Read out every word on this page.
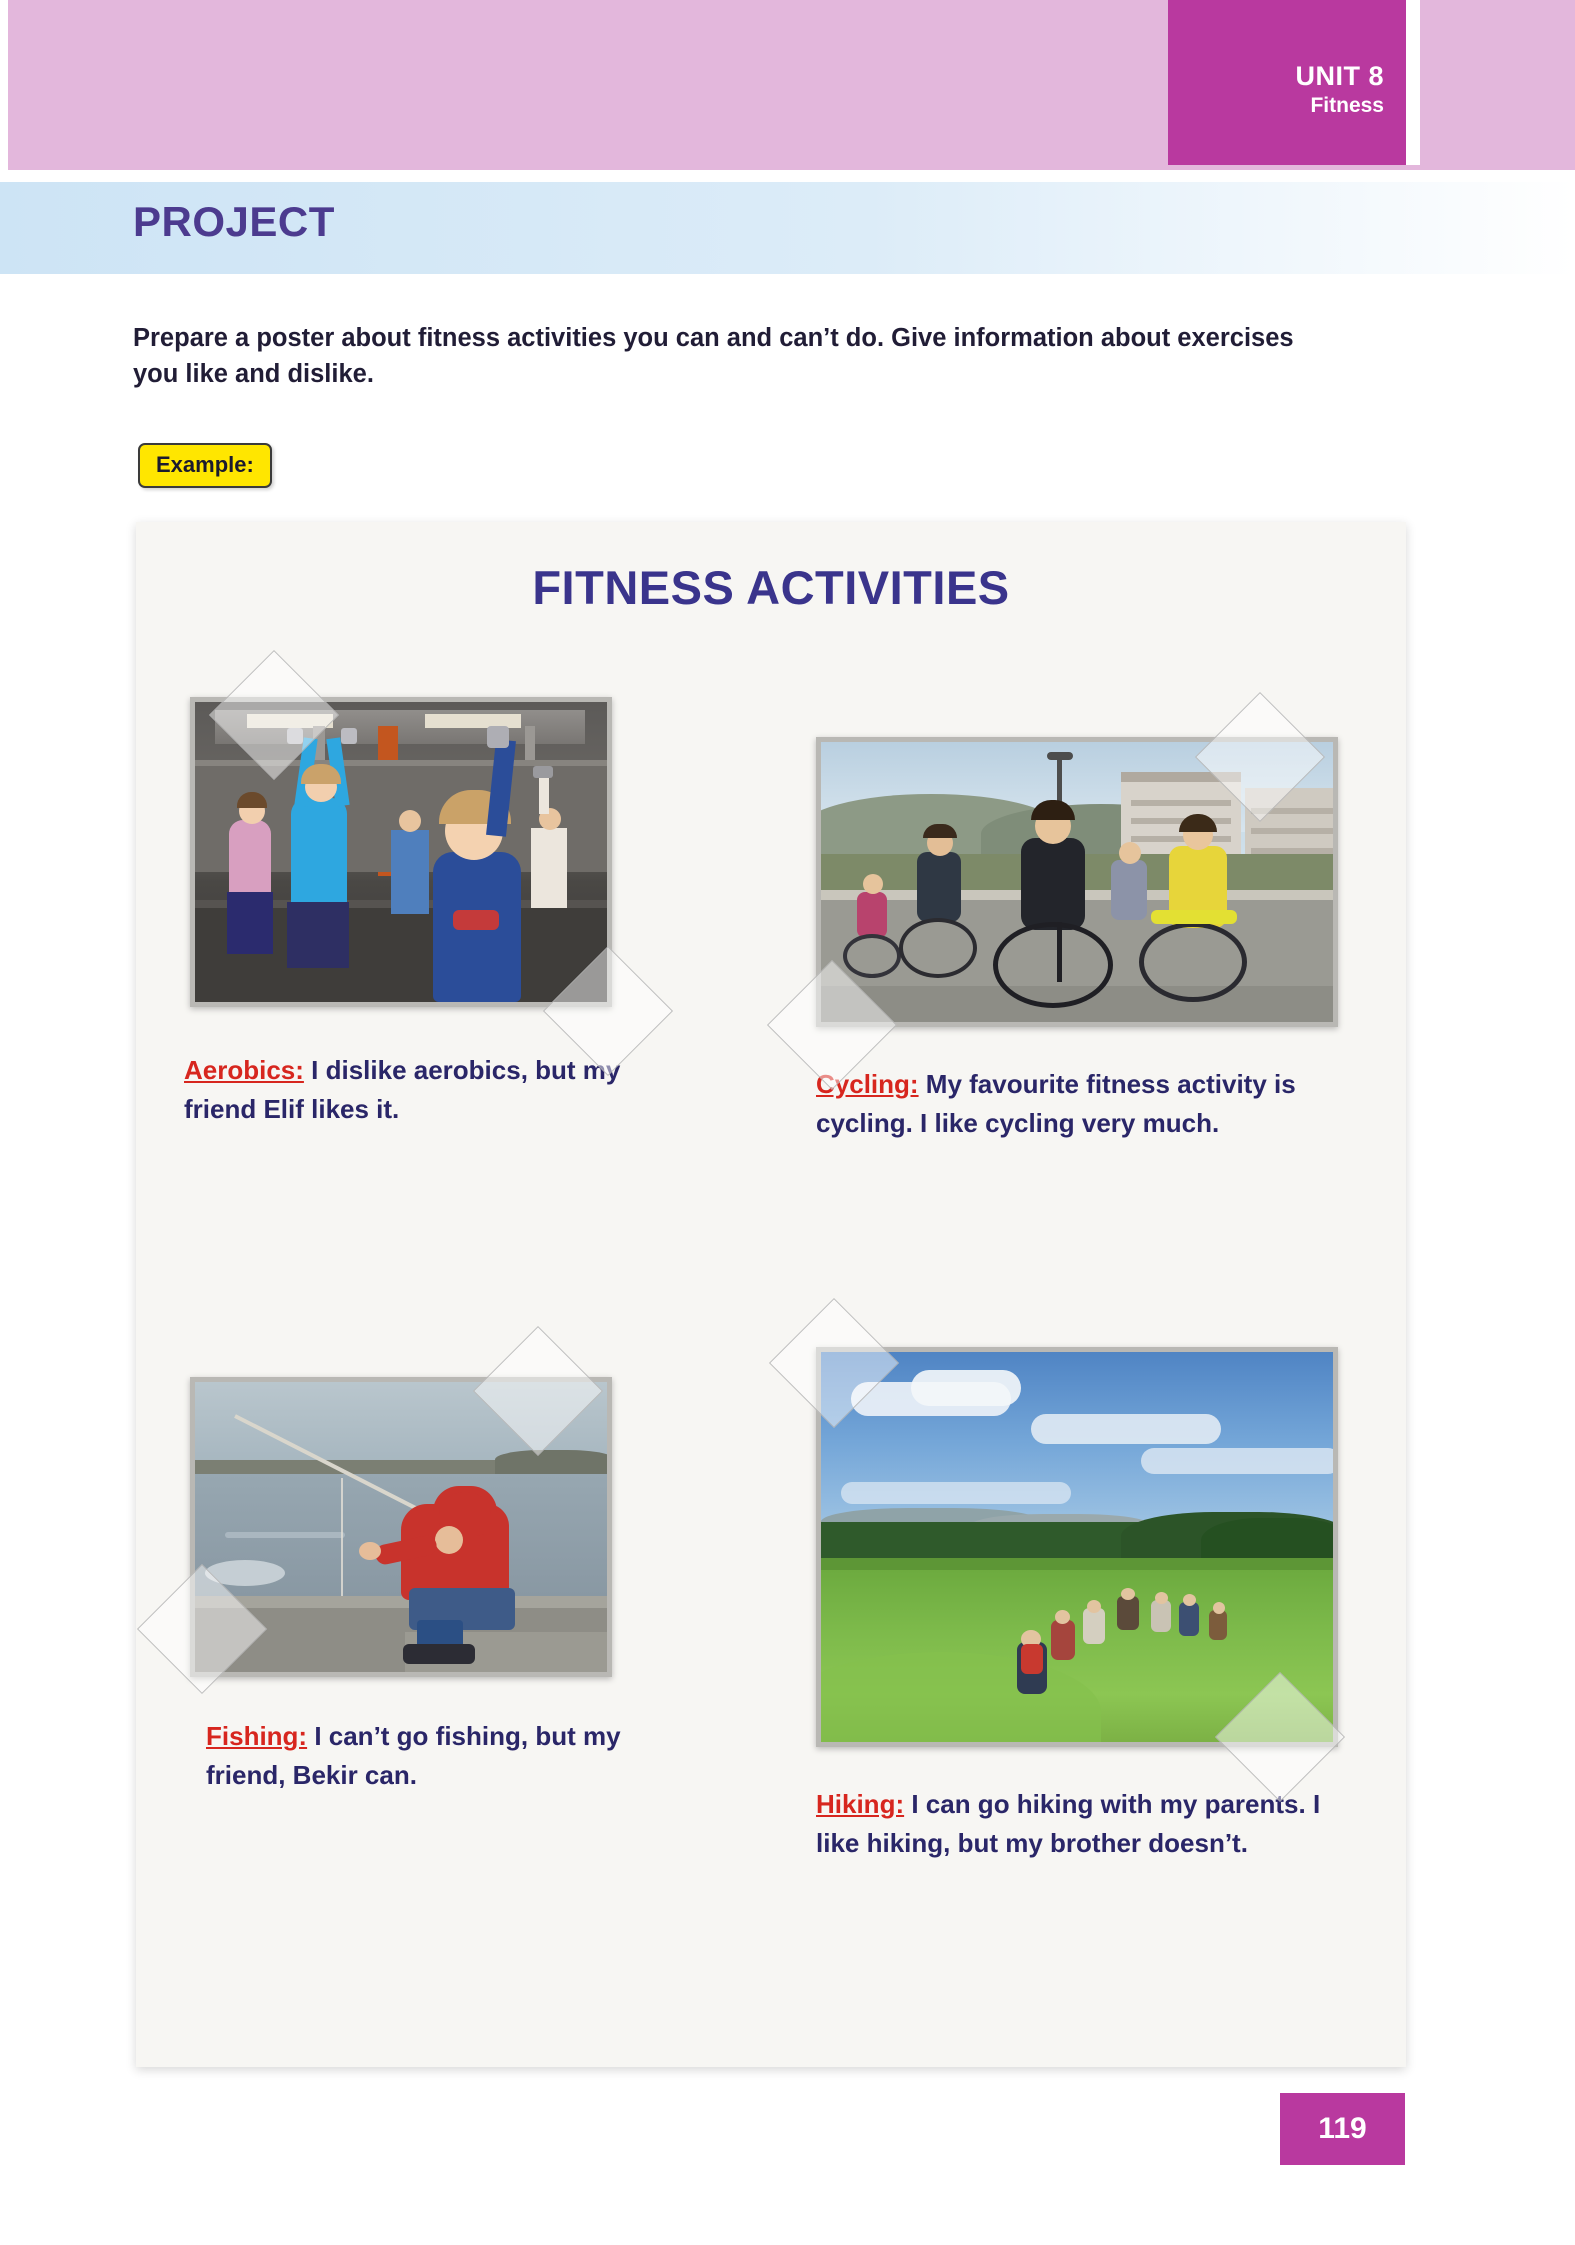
UNIT 8
Fitness
PROJECT
Prepare a poster about fitness activities you can and can’t do. Give information about exercises you like and dislike.
Example:
FITNESS ACTIVITIES
Aerobics: I dislike aerobics, but my friend Elif likes it.
Cycling: My favourite fitness activity is cycling. I like cycling very much.
Fishing: I can’t go fishing, but my friend, Bekir can.
Hiking: I can go hiking with my parents. I like hiking, but my brother doesn’t.
119
